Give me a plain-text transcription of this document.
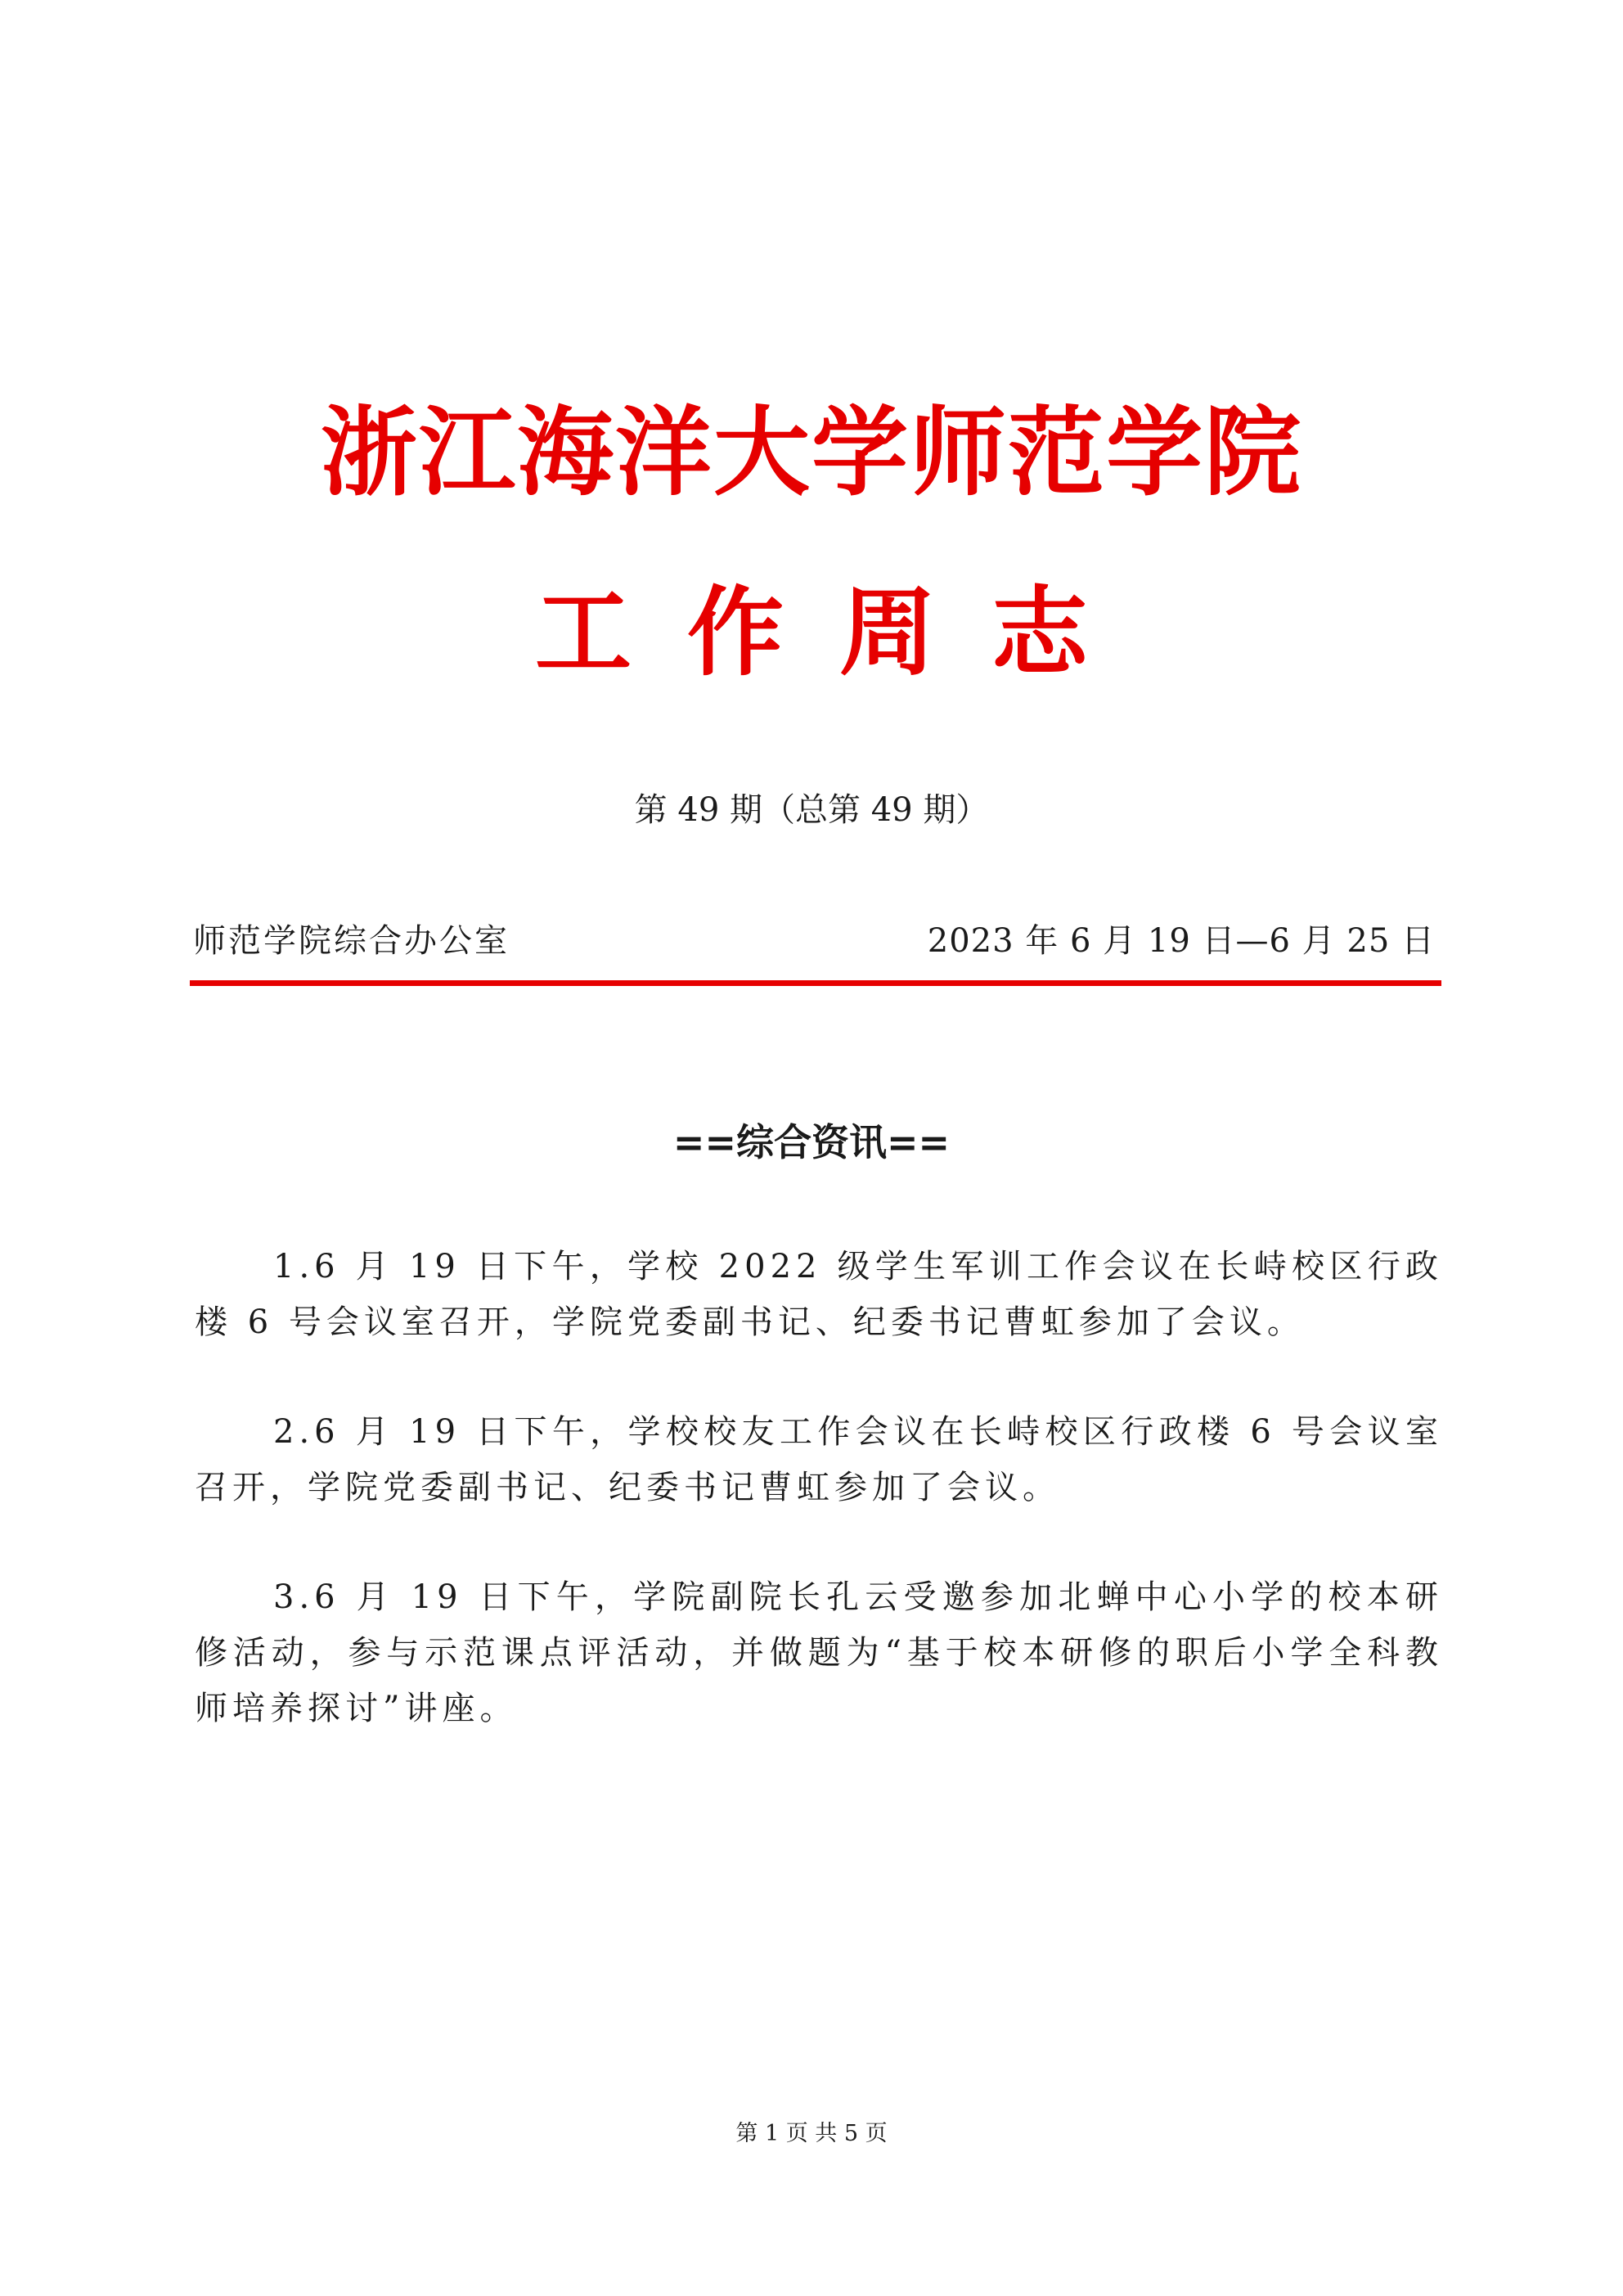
浙江海洋大学师范学院
工 作 周 志
第 49 期（总第 49 期）
师范学院综合办公室	2023 年 6 月 19 日—6 月 25 日
==综合资讯==

1.6 月 19 日下午，学校 2022 级学生军训工作会议在长峙校区行政楼 6 号会议室召开，学院党委副书记、纪委书记曹虹参加了会议。

2.6 月 19 日下午，学校校友工作会议在长峙校区行政楼 6 号会议室召开，学院党委副书记、纪委书记曹虹参加了会议。

3.6 月 19 日下午，学院副院长孔云受邀参加北蝉中心小学的校本研修活动，参与示范课点评活动，并做题为“基于校本研修的职后小学全科教师培养探讨”讲座。

第 1 页 共 5 页
